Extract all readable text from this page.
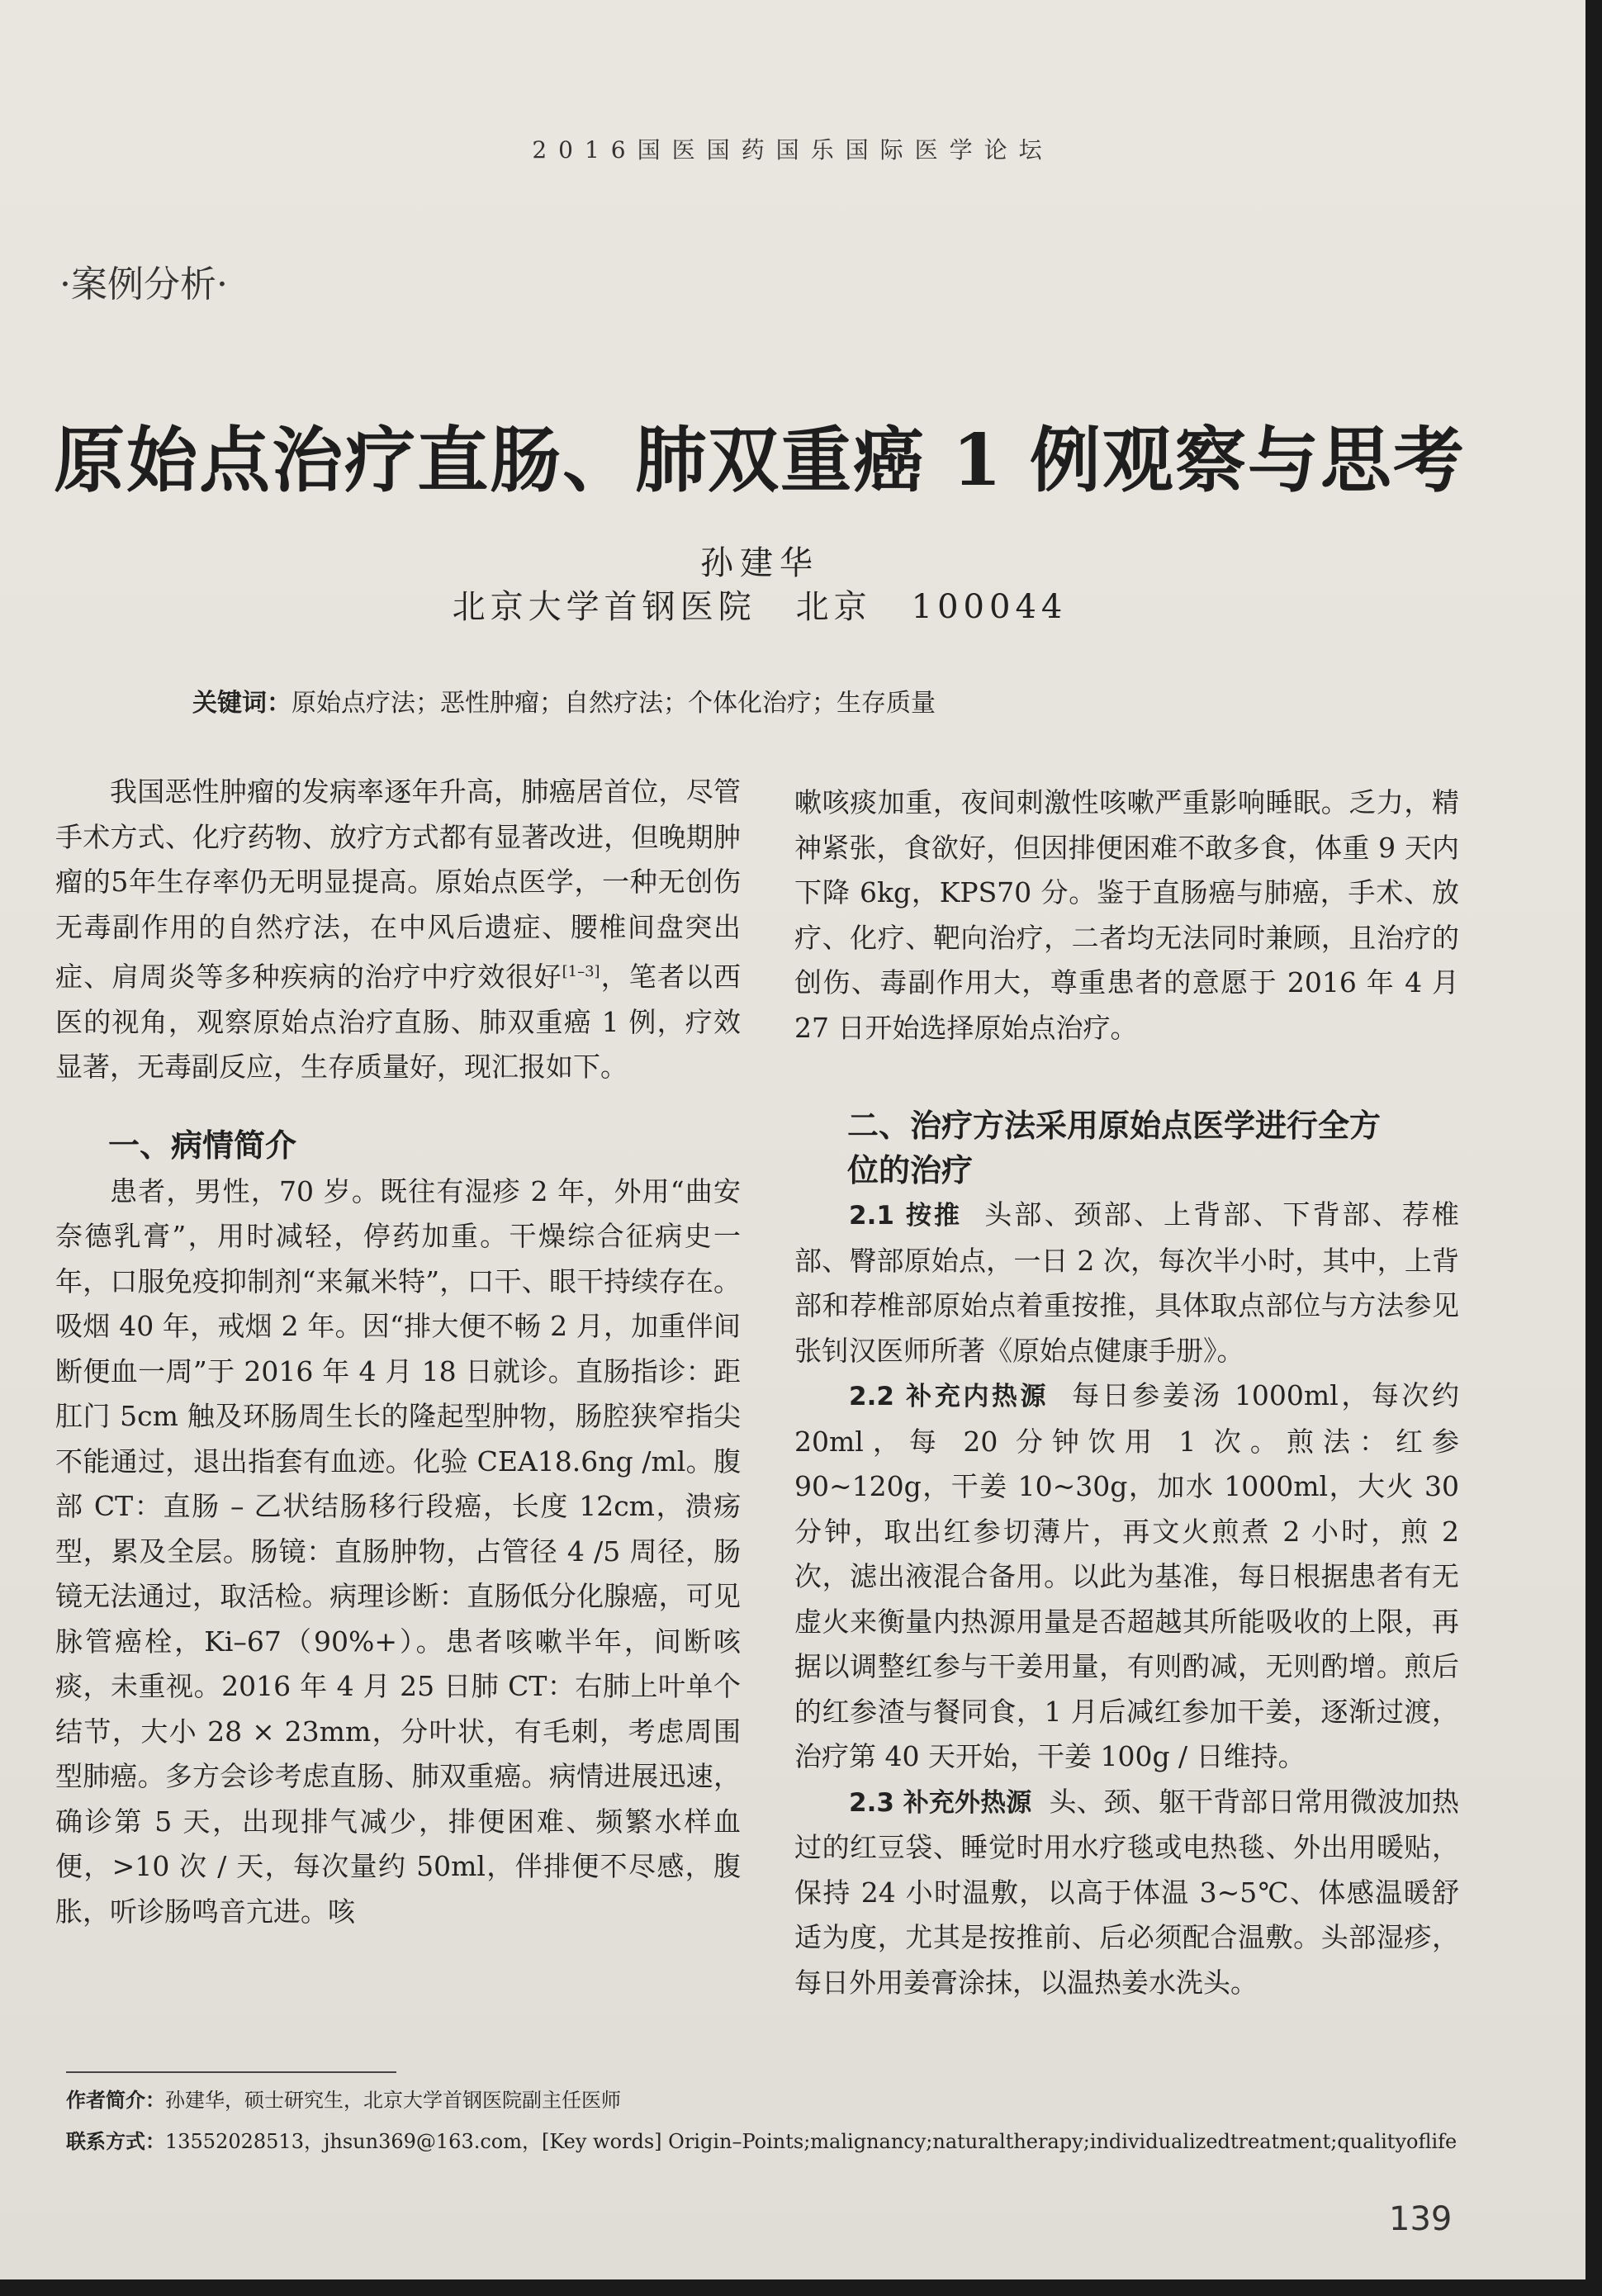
2016国医国药国乐国际医学论坛
·案例分析·
原始点治疗直肠、肺双重癌 1 例观察与思考
孙建华
北京大学首钢医院 北京 100044
关键词：原始点疗法；恶性肿瘤；自然疗法；个体化治疗；生存质量

我国恶性肿瘤的发病率逐年升高，肺癌居首位，尽管手术方式、化疗药物、放疗方式都有显著改进，但晚期肿瘤的5年生存率仍无明显提高。原始点医学，一种无创伤无毒副作用的自然疗法，在中风后遗症、腰椎间盘突出症、肩周炎等多种疾病的治疗中疗效很好[1–3]，笔者以西医的视角，观察原始点治疗直肠、肺双重癌 1 例，疗效显著，无毒副反应，生存质量好，现汇报如下。

一、病情简介

患者，男性，70 岁。既往有湿疹 2 年，外用“曲安奈德乳膏”，用时减轻，停药加重。干燥综合征病史一年，口服免疫抑制剂“来氟米特”，口干、眼干持续存在。吸烟 40 年，戒烟 2 年。因“排大便不畅 2 月，加重伴间断便血一周”于 2016 年 4 月 18 日就诊。直肠指诊：距肛门 5cm 触及环肠周生长的隆起型肿物，肠腔狭窄指尖不能通过，退出指套有血迹。化验 CEA18.6ng /ml。腹部 CT：直肠 – 乙状结肠移行段癌，长度 12cm，溃疡型，累及全层。肠镜：直肠肿物，占管径 4 /5 周径，肠镜无法通过，取活检。病理诊断：直肠低分化腺癌，可见脉管癌栓，Ki–67（90%+）。患者咳嗽半年，间断咳痰，未重视。2016 年 4 月 25 日肺 CT：右肺上叶单个结节，大小 28 × 23mm，分叶状，有毛刺，考虑周围型肺癌。多方会诊考虑直肠、肺双重癌。病情进展迅速，确诊第 5 天，出现排气减少，排便困难、频繁水样血便，>10 次 / 天，每次量约 50ml，伴排便不尽感，腹胀，听诊肠鸣音亢进。咳

嗽咳痰加重，夜间刺激性咳嗽严重影响睡眠。乏力，精神紧张，食欲好，但因排便困难不敢多食，体重 9 天内下降 6kg，KPS70 分。鉴于直肠癌与肺癌，手术、放疗、化疗、靶向治疗，二者均无法同时兼顾，且治疗的创伤、毒副作用大，尊重患者的意愿于 2016 年 4 月 27 日开始选择原始点治疗。

二、治疗方法采用原始点医学进行全方
位的治疗

2.1 按推 头部、颈部、上背部、下背部、荐椎部、臀部原始点，一日 2 次，每次半小时，其中，上背部和荐椎部原始点着重按推，具体取点部位与方法参见张钊汉医师所著《原始点健康手册》。

2.2 补充内热源 每日参姜汤 1000ml，每次约 20ml，每 20 分钟饮用 1 次。煎法：红参 90~120g，干姜 10~30g，加水 1000ml，大火 30 分钟，取出红参切薄片，再文火煎煮 2 小时，煎 2 次，滤出液混合备用。以此为基准，每日根据患者有无虚火来衡量内热源用量是否超越其所能吸收的上限，再据以调整红参与干姜用量，有则酌减，无则酌增。煎后的红参渣与餐同食，1 月后减红参加干姜，逐渐过渡，治疗第 40 天开始，干姜 100g / 日维持。

2.3 补充外热源 头、颈、躯干背部日常用微波加热过的红豆袋、睡觉时用水疗毯或电热毯、外出用暖贴，保持 24 小时温敷，以高于体温 3~5℃、体感温暖舒适为度，尤其是按推前、后必须配合温敷。头部湿疹，每日外用姜膏涂抹，以温热姜水洗头。

作者简介：孙建华，硕士研究生，北京大学首钢医院副主任医师
联系方式：13552028513，jhsun369@163.com，[Key words] Origin–Points;malignancy;naturaltherapy;individualizedtreatment;qualityoflife
139
